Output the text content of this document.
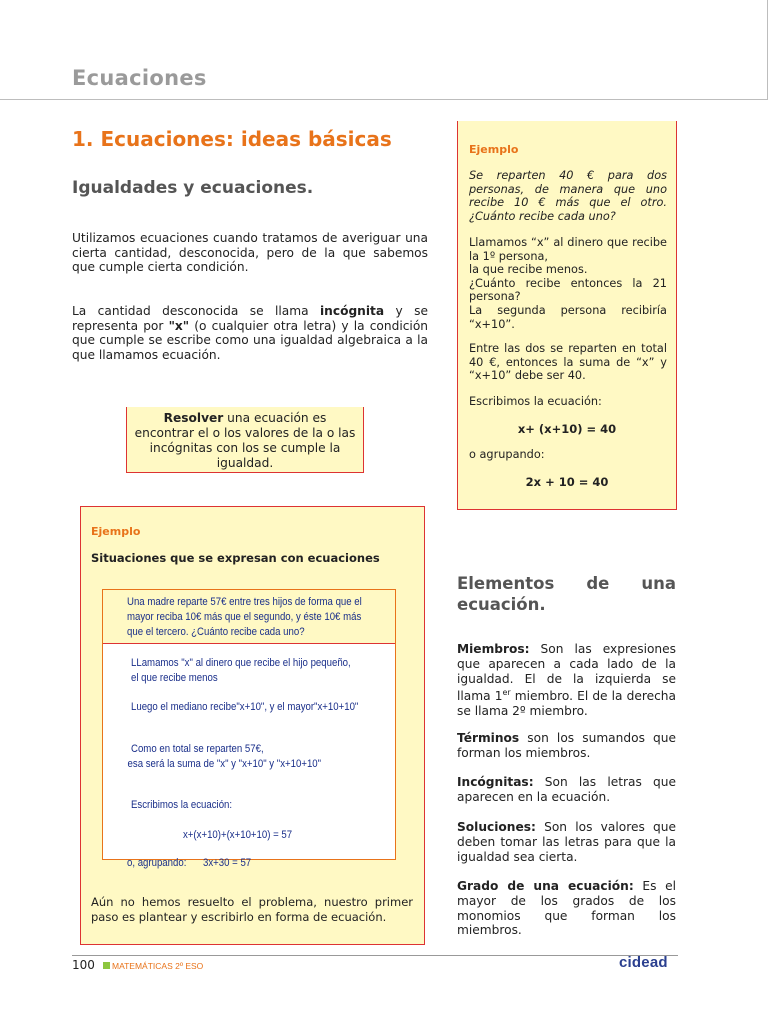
Ecuaciones
1. Ecuaciones: ideas básicas
Igualdades y ecuaciones.
Utilizamos ecuaciones cuando tratamos de averiguar una cierta cantidad, desconocida, pero de la que sabemos que cumple cierta condición.
La cantidad desconocida se llama incógnita y se representa por "x" (o cualquier otra letra) y la condición que cumple se escribe como una igualdad algebraica a la que llamamos ecuación.
Resolver una ecuación es encontrar el o los valores de la o las incógnitas con los se cumple la igualdad.
Ejemplo
Situaciones que se expresan con ecuaciones
Una madre reparte 57€ entre tres hijos de forma que el
mayor reciba 10€ más que el segundo, y éste 10€ más
que el tercero. ¿Cuánto recibe cada uno?
LLamamos "x" al dinero que recibe el hijo pequeño,
el que recibe menos
Luego el mediano recibe"x+10", y el mayor"x+10+10"
Como en total se reparten 57€,
esa será la suma de "x" y "x+10" y "x+10+10"
Escribimos la ecuación:
x+(x+10)+(x+10+10) = 57
o, agrupando: 3x+30 = 57
Aún no hemos resuelto el problema, nuestro primer paso es plantear y escribirlo en forma de ecuación.
Ejemplo
Se reparten 40 € para dos personas, de manera que uno recibe 10 € más que el otro. ¿Cuánto recibe cada uno?
Llamamos “x” al dinero que recibe la 1º persona,
la que recibe menos.
¿Cuánto recibe entonces la 21 persona?
La segunda persona recibiría “x+10”.
Entre las dos se reparten en total 40 €, entonces la suma de “x” y “x+10” debe ser 40.
Escribimos la ecuación:
x+ (x+10) = 40
o agrupando:
2x + 10 = 40
Elementos de una
ecuación.
Miembros: Son las expresiones que aparecen a cada lado de la igualdad. El de la izquierda se llama 1er miembro. El de la derecha se llama 2º miembro.
Términos son los sumandos que forman los miembros.
Incógnitas: Son las letras que aparecen en la ecuación.
Soluciones: Son los valores que deben tomar las letras para que la igualdad sea cierta.
Grado de una ecuación: Es el mayor de los grados de los monomios que forman los miembros.
100 MATEMÁTICAS 2º ESO	cidead
